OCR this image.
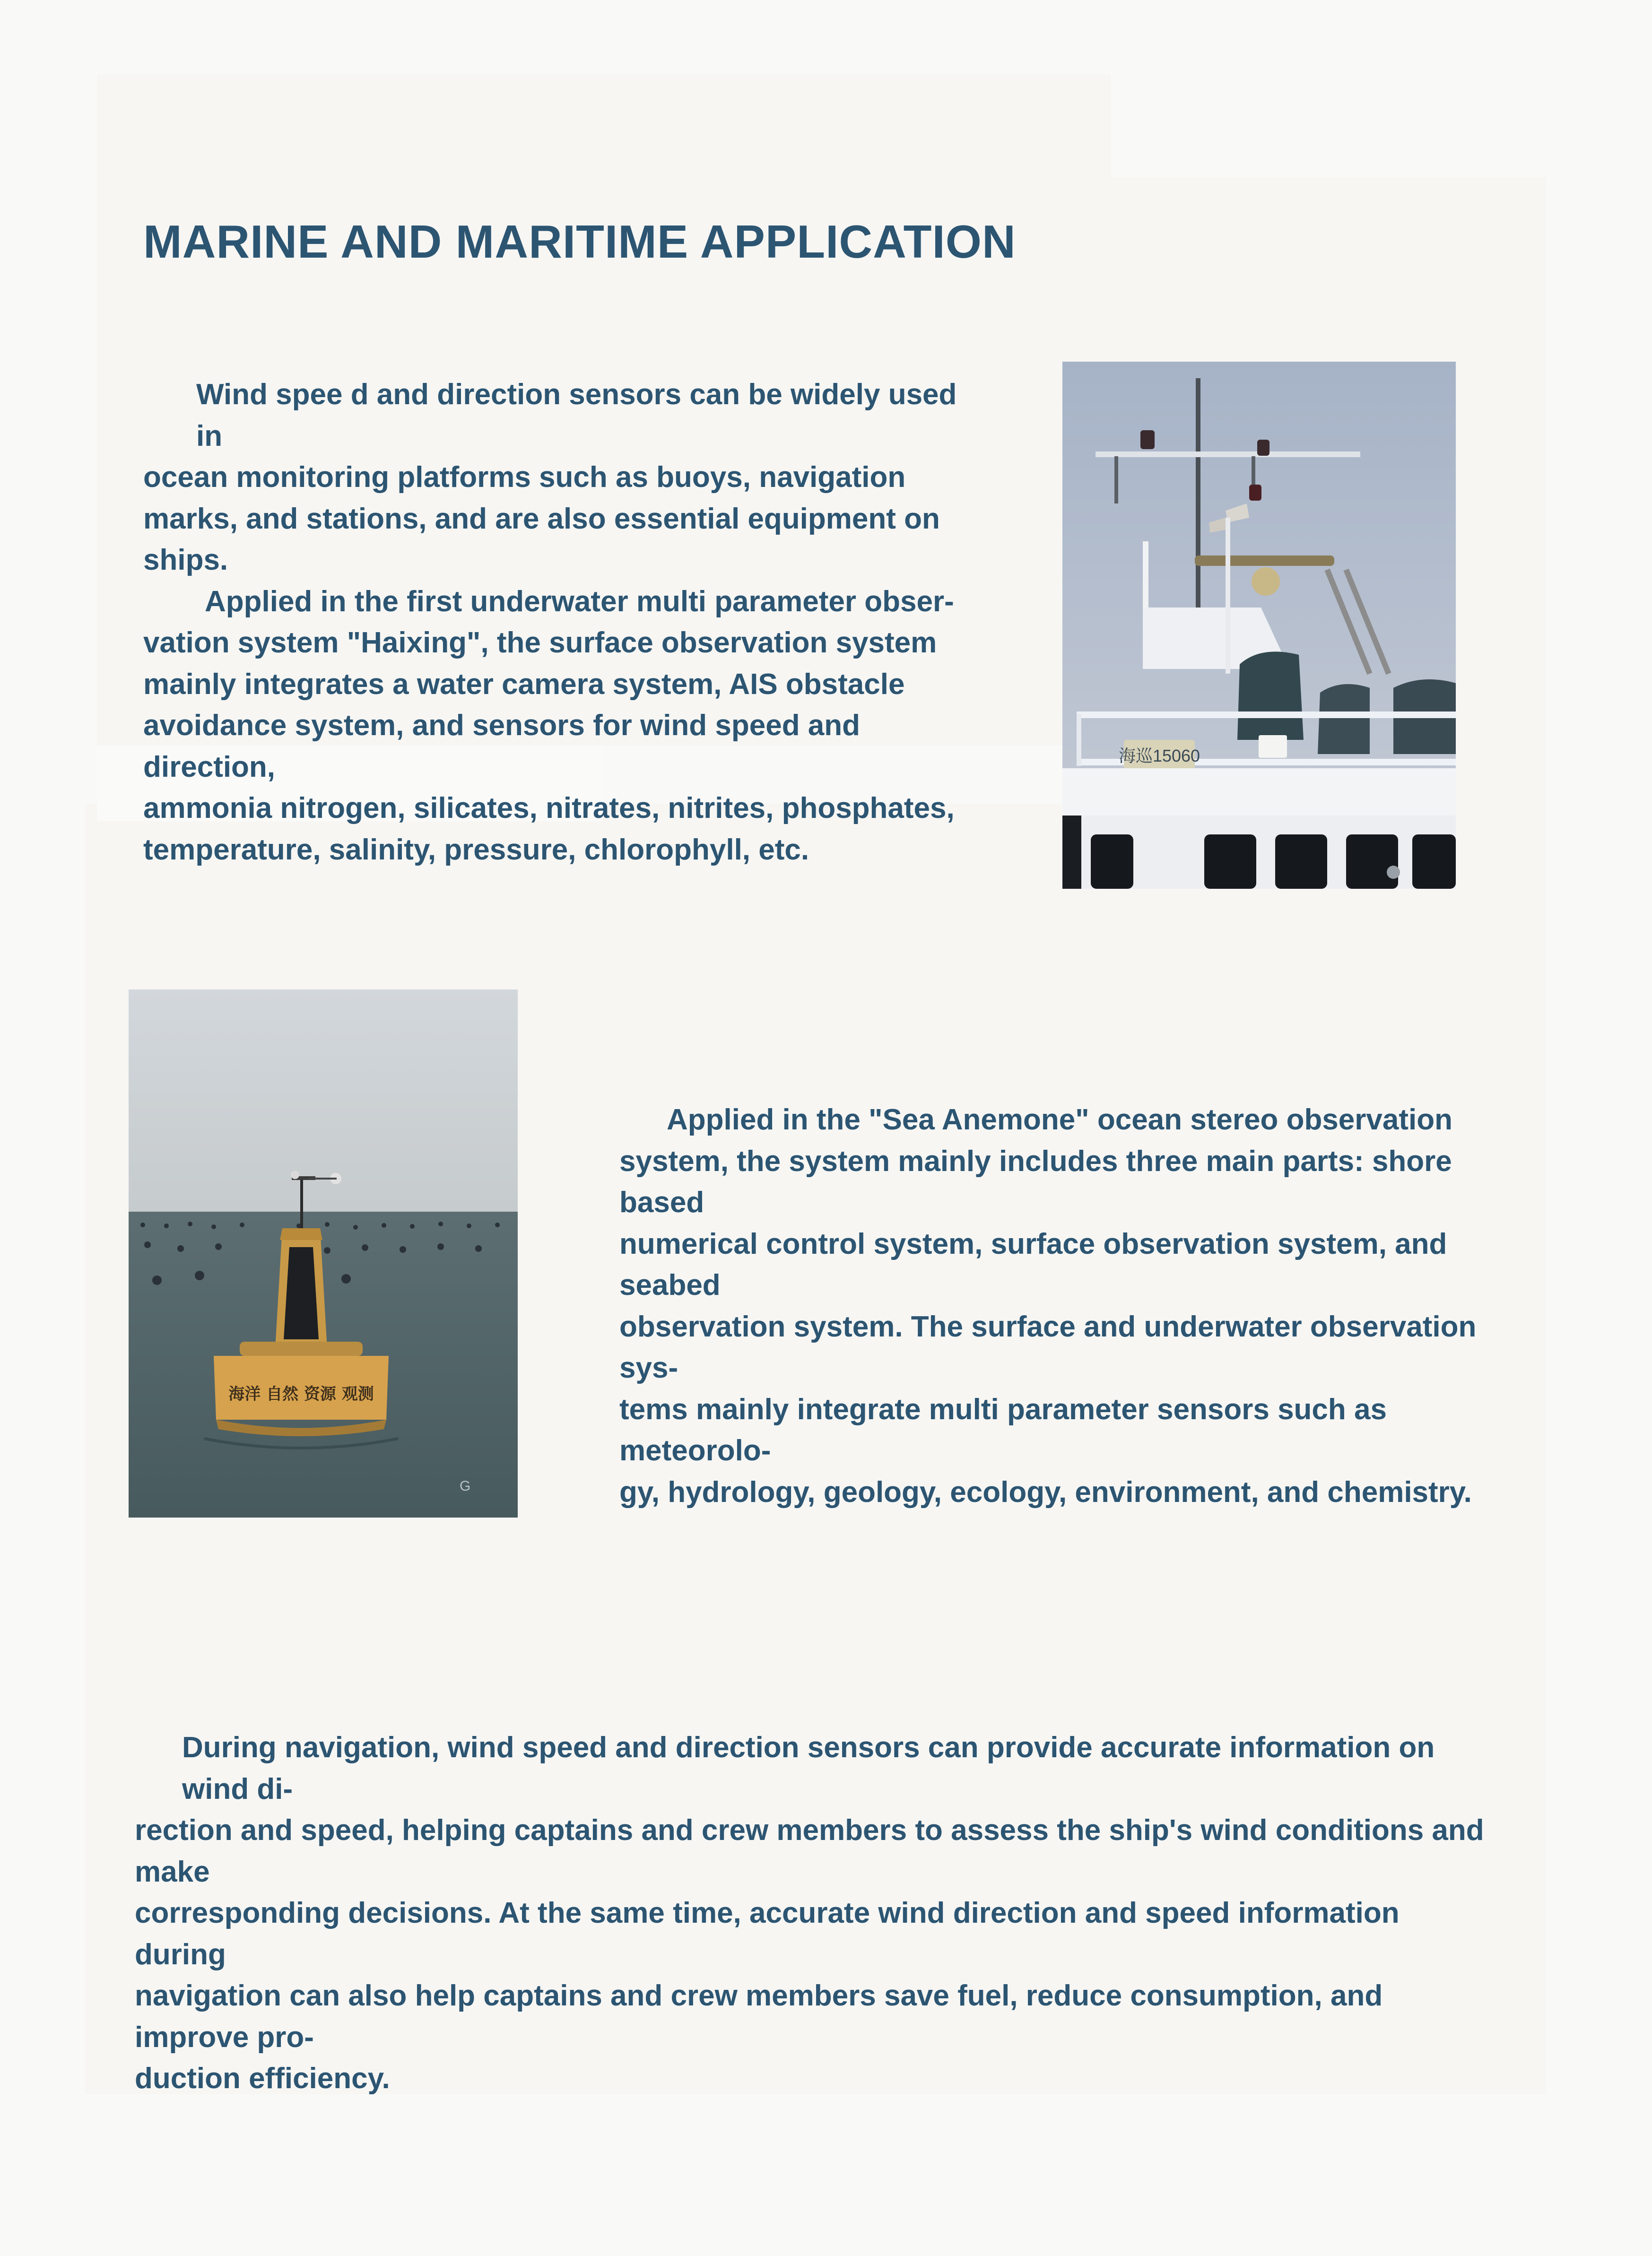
MARINE AND MARITIME APPLICATION
Wind spee d and direction sensors can be widely used in
ocean monitoring platforms such as buoys, navigation
marks, and stations, and are also essential equipment on
ships.
Applied in the first underwater multi parameter obser-
vation system "Haixing", the surface observation system
mainly integrates a water camera system, AIS obstacle
avoidance system, and sensors for wind speed and direction,
ammonia nitrogen, silicates, nitrates, nitrites, phosphates,
temperature, salinity, pressure, chlorophyll, etc.
海巡15060
海洋 自然 资源 观测
G
Applied in the "Sea Anemone" ocean stereo observation
system, the system mainly includes three main parts: shore based
numerical control system, surface observation system, and seabed
observation system. The surface and underwater observation sys-
tems mainly integrate multi parameter sensors such as meteorolo-
gy, hydrology, geology, ecology, environment, and chemistry.
During navigation, wind speed and direction sensors can provide accurate information on wind di-
rection and speed, helping captains and crew members to assess the ship's wind conditions and make
corresponding decisions. At the same time, accurate wind direction and speed information during
navigation can also help captains and crew members save fuel, reduce consumption, and improve pro-
duction efficiency.
